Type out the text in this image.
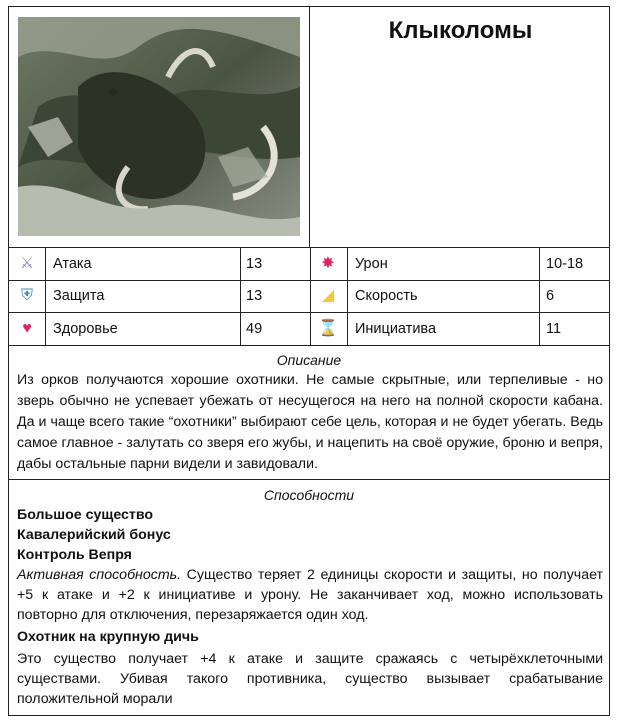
Клыколомы
⚔	Атака	13	✸	Урон	10-18
⛨	Защита	13	◢	Скорость	6
♥	Здоровье	49	⌛	Инициатива	11
Описание
Из орков получаются хорошие охотники. Не самые скрытные, или терпеливые - но зверь обычно не успевает убежать от несущегося на него на полной скорости кабана. Да и чаще всего такие “охотники” выбирают себе цель, которая и не будет убегать. Ведь самое главное - залутать со зверя его жубы, и нацепить на своё оружие, броню и вепря, дабы остальные парни видели и завидовали.
Способности

Большое существо

Кавалерийский бонус

Контроль Вепря

Активная способность. Существо теряет 2 единицы скорости и защиты, но получает +5 к атаке и +2 к инициативе и урону. Не заканчивает ход, можно использовать повторно для отключения, перезаряжается один ход.

Охотник на крупную дичь

Это существо получает +4 к атаке и защите сражаясь с четырёхклеточными существами. Убивая такого противника, существо вызывает срабатывание положительной морали
